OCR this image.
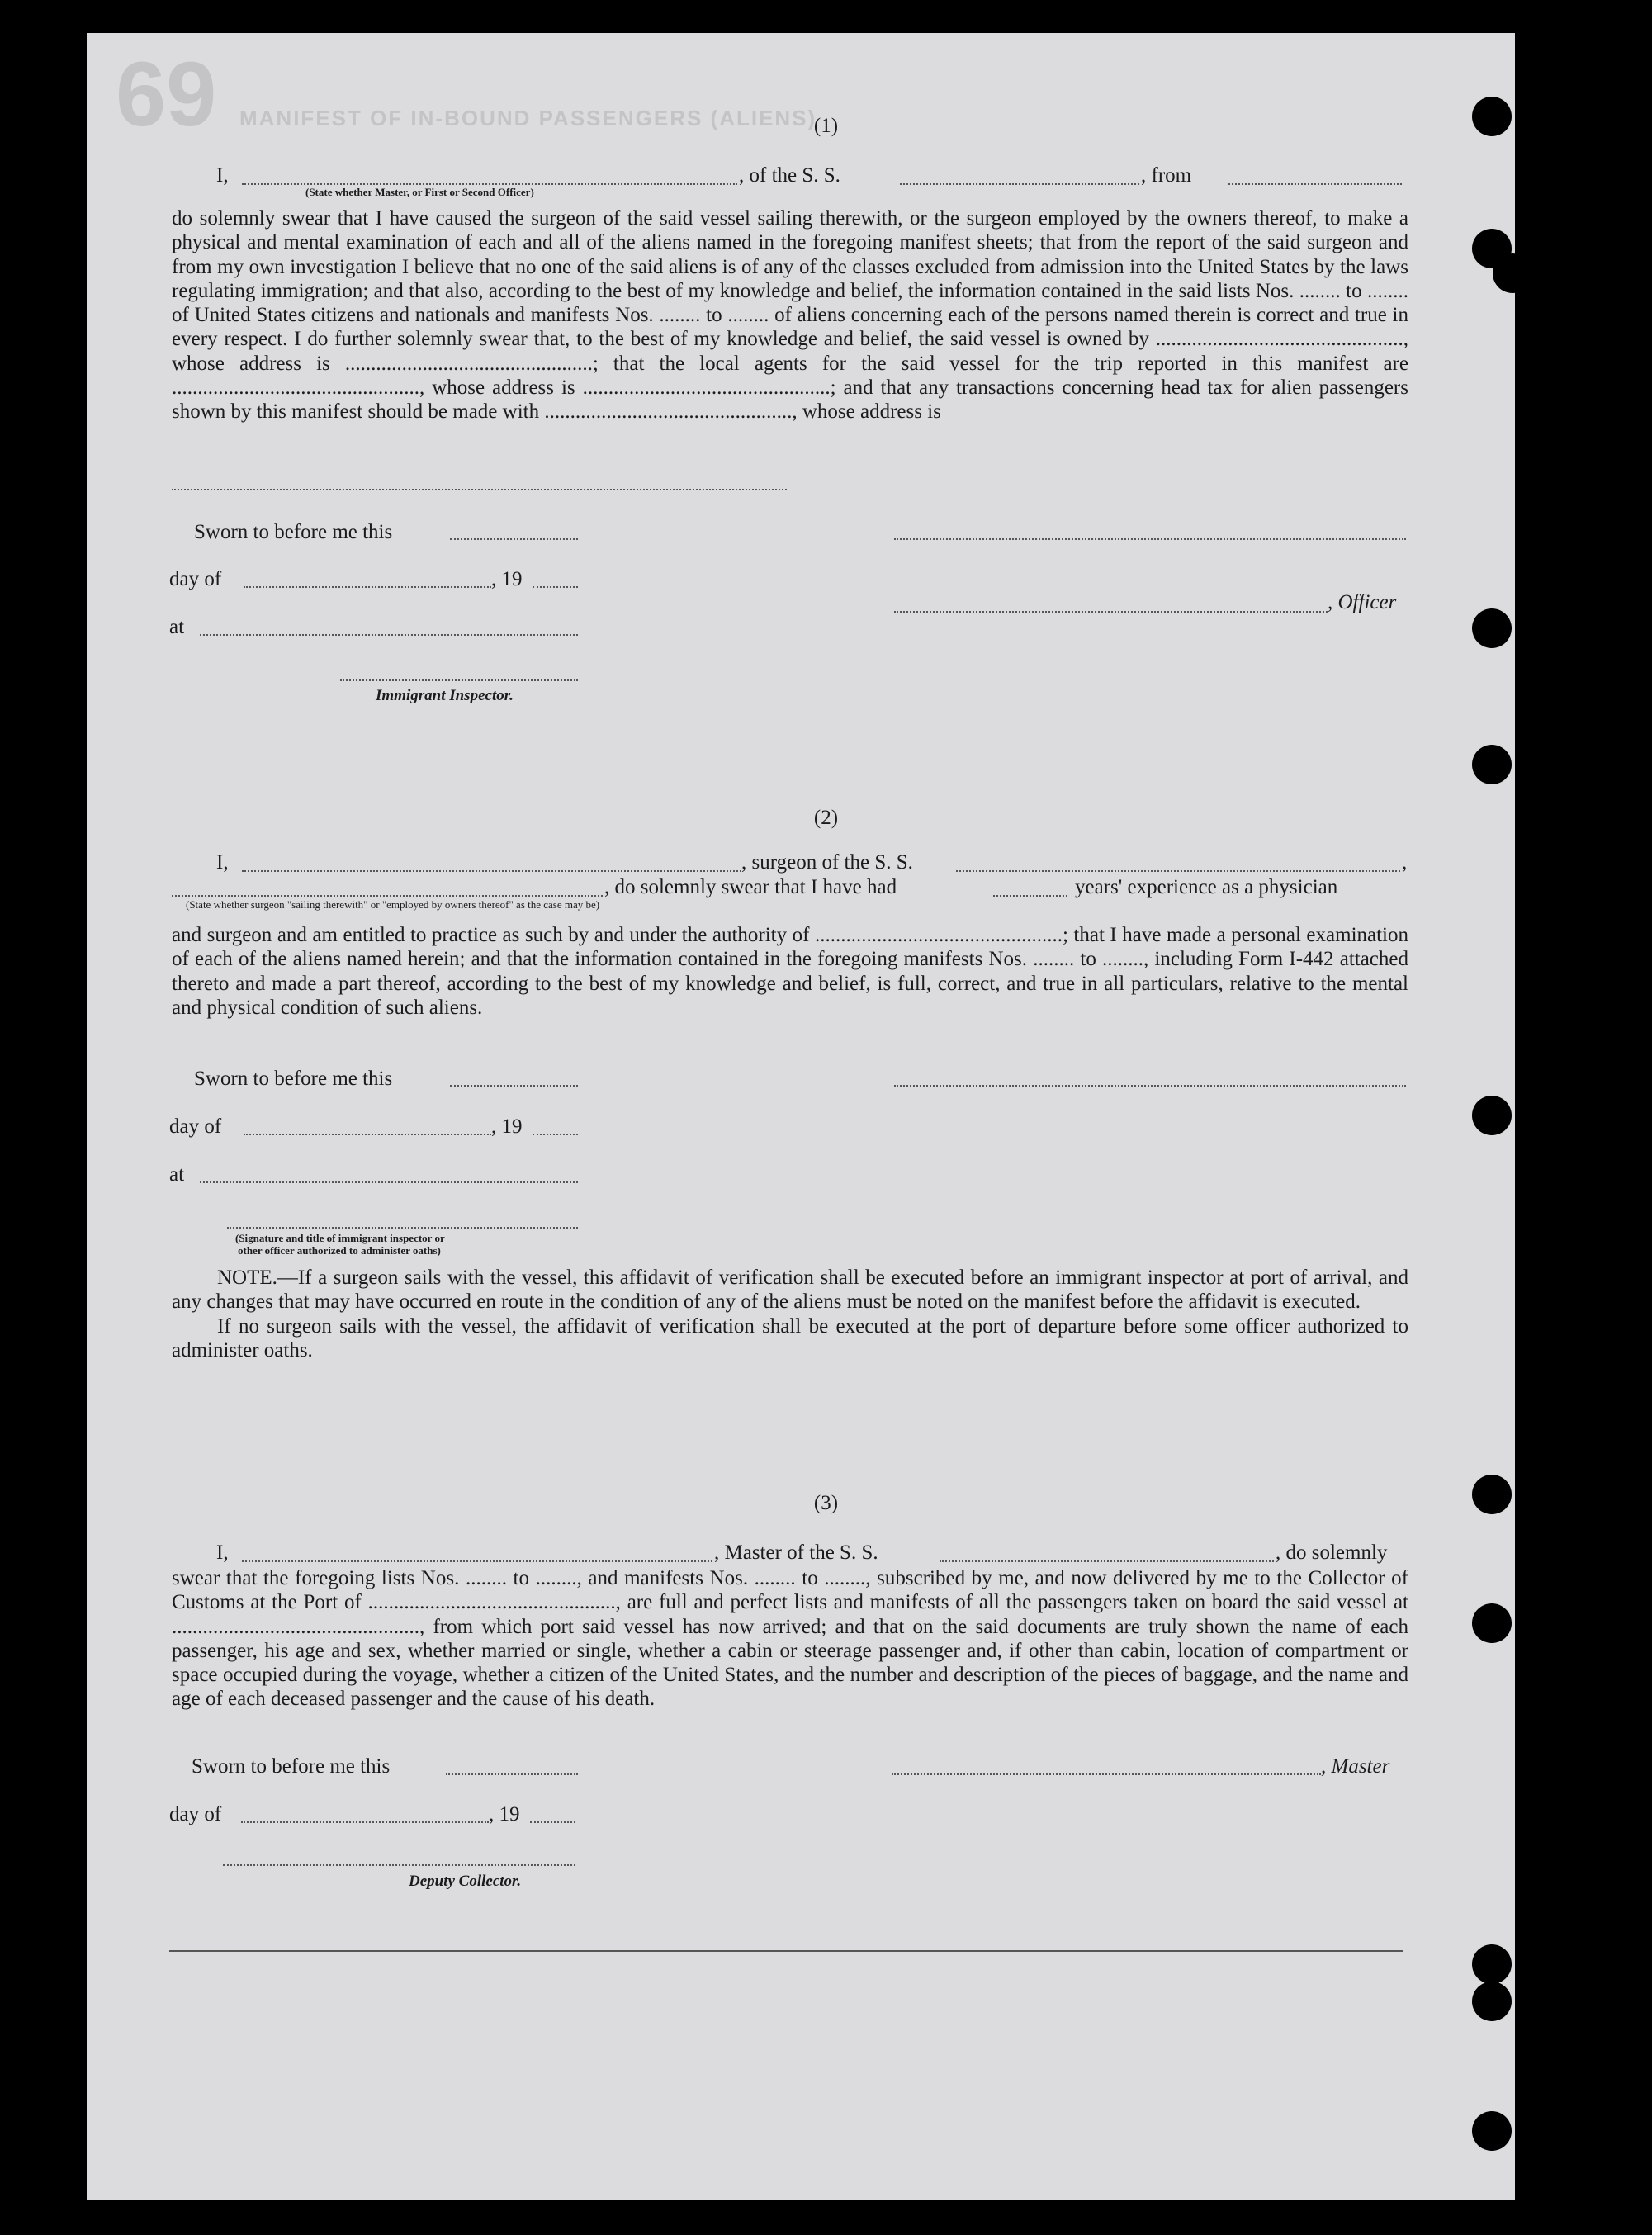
69 MANIFEST OF IN-BOUND PASSENGERS (ALIENS)
(1)
I,	, of the S. S.	, from
(State whether Master, or First or Second Officer)

do solemnly swear that I have caused the surgeon of the said vessel sailing therewith, or the surgeon employed by the owners thereof, to make a physical and mental examination of each and all of the aliens named in the foregoing manifest sheets; that from the report of the said surgeon and from my own investigation I believe that no one of the said aliens is of any of the classes excluded from admission into the United States by the laws regulating immigration; and that also, according to the best of my knowledge and belief, the information contained in the said lists Nos. ........ to ........ of United States citizens and nationals and manifests Nos. ........ to ........ of aliens concerning each of the persons named therein is correct and true in every respect. I do further solemnly swear that, to the best of my knowledge and belief, the said vessel is owned by ................................................, whose address is ................................................; that the local agents for the said vessel for the trip reported in this manifest are ................................................, whose address is ................................................; and that any transactions concerning head tax for alien passengers shown by this manifest should be made with ................................................, whose address is

Sworn to before me this
day of	, 19
, Officer
at
Immigrant Inspector.
(2)
I,	, surgeon of the S. S.	,
, do solemnly swear that I have had	years' experience as a physician
(State whether surgeon "sailing therewith" or "employed by owners thereof" as the case may be)

and surgeon and am entitled to practice as such by and under the authority of ................................................; that I have made a personal examination of each of the aliens named herein; and that the information contained in the foregoing manifests Nos. ........ to ........, including Form I-442 attached thereto and made a part thereof, according to the best of my knowledge and belief, is full, correct, and true in all particulars, relative to the mental and physical condition of such aliens.

Sworn to before me this
day of	, 19
at
(Signature and title of immigrant inspector or
other officer authorized to administer oaths)

NOTE.—If a surgeon sails with the vessel, this affidavit of verification shall be executed before an immigrant inspector at port of arrival, and any changes that may have occurred en route in the condition of any of the aliens must be noted on the manifest before the affidavit is executed.

If no surgeon sails with the vessel, the affidavit of verification shall be executed at the port of departure before some officer authorized to administer oaths.

(3)
I,	, Master of the S. S.	, do solemnly

swear that the foregoing lists Nos. ........ to ........, and manifests Nos. ........ to ........, subscribed by me, and now delivered by me to the Collector of Customs at the Port of ................................................, are full and perfect lists and manifests of all the passengers taken on board the said vessel at ................................................, from which port said vessel has now arrived; and that on the said documents are truly shown the name of each passenger, his age and sex, whether married or single, whether a cabin or steerage passenger and, if other than cabin, location of compartment or space occupied during the voyage, whether a citizen of the United States, and the number and description of the pieces of baggage, and the name and age of each deceased passenger and the cause of his death.

Sworn to before me this	, Master
day of	, 19
Deputy Collector.
